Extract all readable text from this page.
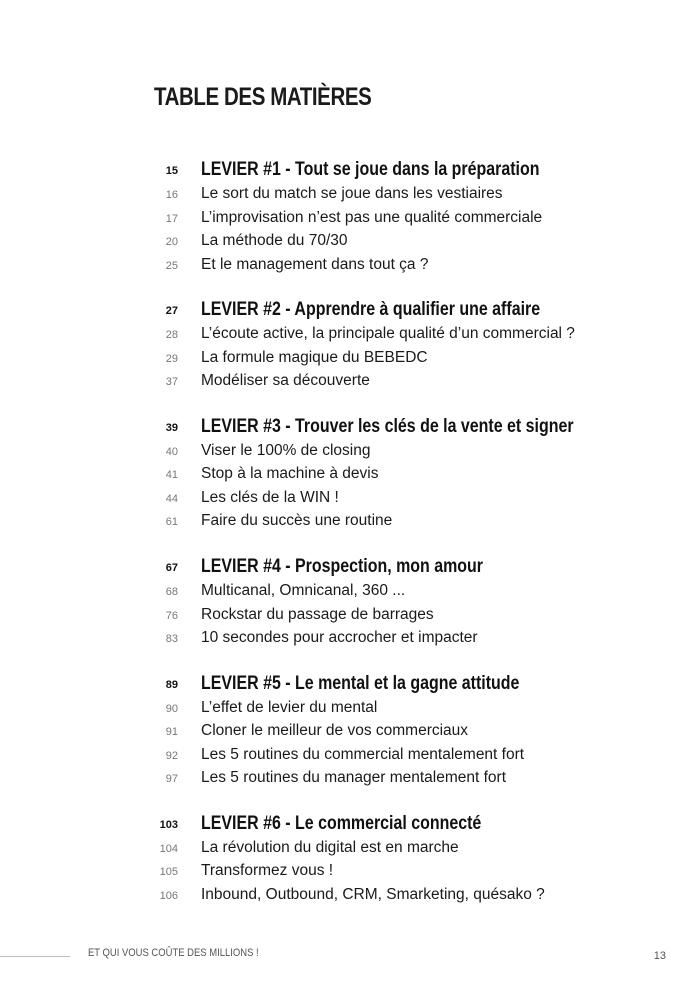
TABLE DES MATIÈRES
15 LEVIER #1 - Tout se joue dans la préparation
16 Le sort du match se joue dans les vestiaires
17 L’improvisation n’est pas une qualité commerciale
20 La méthode du 70/30
25 Et le management dans tout ça ?
27 LEVIER #2 - Apprendre à qualifier une affaire
28 L’écoute active, la principale qualité d’un commercial ?
29 La formule magique du BEBEDC
37 Modéliser sa découverte
39 LEVIER #3 - Trouver les clés de la vente et signer
40 Viser le 100% de closing
41 Stop à la machine à devis
44 Les clés de la WIN !
61 Faire du succès une routine
67 LEVIER #4 - Prospection, mon amour
68 Multicanal, Omnicanal, 360 ...
76 Rockstar du passage de barrages
83 10 secondes pour accrocher et impacter
89 LEVIER #5 - Le mental et la gagne attitude
90 L’effet de levier du mental
91 Cloner le meilleur de vos commerciaux
92 Les 5 routines du commercial mentalement fort
97 Les 5 routines du manager mentalement fort
103 LEVIER #6 - Le commercial connecté
104 La révolution du digital est en marche
105 Transformez vous !
106 Inbound, Outbound, CRM, Smarketing, quésako ?
ET QUI VOUS COÛTE DES MILLIONS !	13
